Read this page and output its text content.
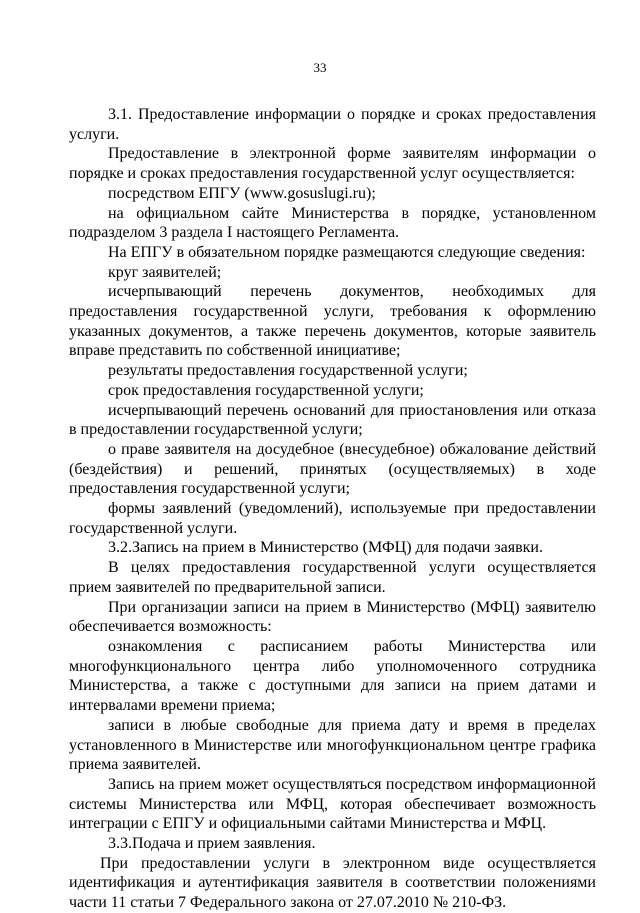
33

3.1. Предоставление информации о порядке и сроках предоставления услуги.

Предоставление в электронной форме заявителям информации о порядке и сроках предоставления государственной услуг осуществляется:

посредством ЕПГУ (www.gosuslugi.ru);

на официальном сайте Министерства в порядке, установленном подразделом 3 раздела I настоящего Регламента.

На ЕПГУ в обязательном порядке размещаются следующие сведения:

круг заявителей;

исчерпывающий перечень документов, необходимых для предоставления государственной услуги, требования к оформлению указанных документов, а также перечень документов, которые заявитель вправе представить по собственной инициативе;

результаты предоставления государственной услуги;

срок предоставления государственной услуги;

исчерпывающий перечень оснований для приостановления или отказа в предоставлении государственной услуги;

о праве заявителя на досудебное (внесудебное) обжалование действий (бездействия) и решений, принятых (осуществляемых) в ходе предоставления государственной услуги;

формы заявлений (уведомлений), используемые при предоставлении государственной услуги.

3.2.Запись на прием в Министерство (МФЦ) для подачи заявки.

В целях предоставления государственной услуги осуществляется прием заявителей по предварительной записи.

При организации записи на прием в Министерство (МФЦ) заявителю обеспечивается возможность:

ознакомления с расписанием работы Министерства или многофункционального центра либо уполномоченного сотрудника Министерства, а также с доступными для записи на прием датами и интервалами времени приема;

записи в любые свободные для приема дату и время в пределах установленного в Министерстве или многофункциональном центре графика приема заявителей.

Запись на прием может осуществляться посредством информационной системы Министерства или МФЦ, которая обеспечивает возможность интеграции с ЕПГУ и официальными сайтами Министерства и МФЦ.

3.3.Подача и прием заявления.

При предоставлении услуги в электронном виде осуществляется идентификация и аутентификация заявителя в соответствии положениями части 11 статьи 7 Федерального закона от 27.07.2010 № 210-ФЗ.
